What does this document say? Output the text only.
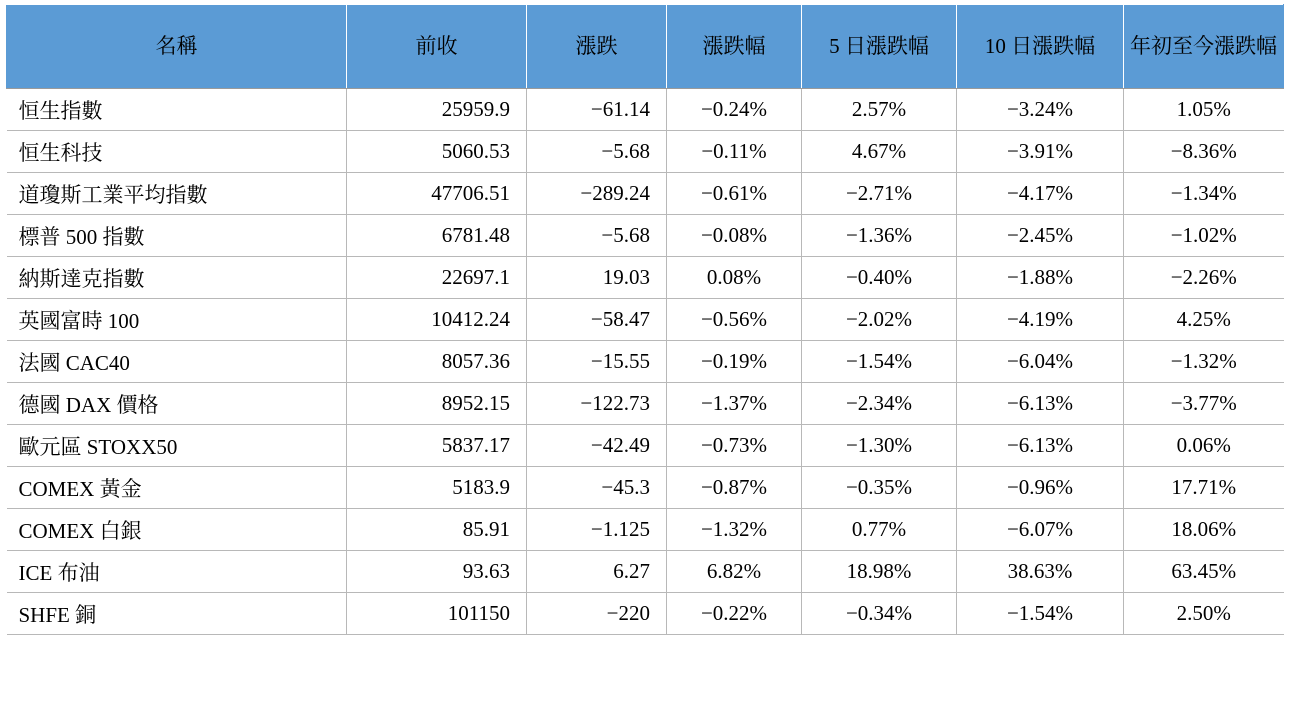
名稱	前收	漲跌	漲跌幅	5 日漲跌幅	10 日漲跌幅	年初至今漲跌幅
恒生指數	25959.9	−61.14	−0.24%	2.57%	−3.24%	1.05%
恒生科技	5060.53	−5.68	−0.11%	4.67%	−3.91%	−8.36%
道瓊斯工業平均指數	47706.51	−289.24	−0.61%	−2.71%	−4.17%	−1.34%
標普 500 指數	6781.48	−5.68	−0.08%	−1.36%	−2.45%	−1.02%
納斯達克指數	22697.1	19.03	0.08%	−0.40%	−1.88%	−2.26%
英國富時 100	10412.24	−58.47	−0.56%	−2.02%	−4.19%	4.25%
法國 CAC40	8057.36	−15.55	−0.19%	−1.54%	−6.04%	−1.32%
德國 DAX 價格	8952.15	−122.73	−1.37%	−2.34%	−6.13%	−3.77%
歐元區 STOXX50	5837.17	−42.49	−0.73%	−1.30%	−6.13%	0.06%
COMEX 黃金	5183.9	−45.3	−0.87%	−0.35%	−0.96%	17.71%
COMEX 白銀	85.91	−1.125	−1.32%	0.77%	−6.07%	18.06%
ICE 布油	93.63	6.27	6.82%	18.98%	38.63%	63.45%
SHFE 銅	101150	−220	−0.22%	−0.34%	−1.54%	2.50%
